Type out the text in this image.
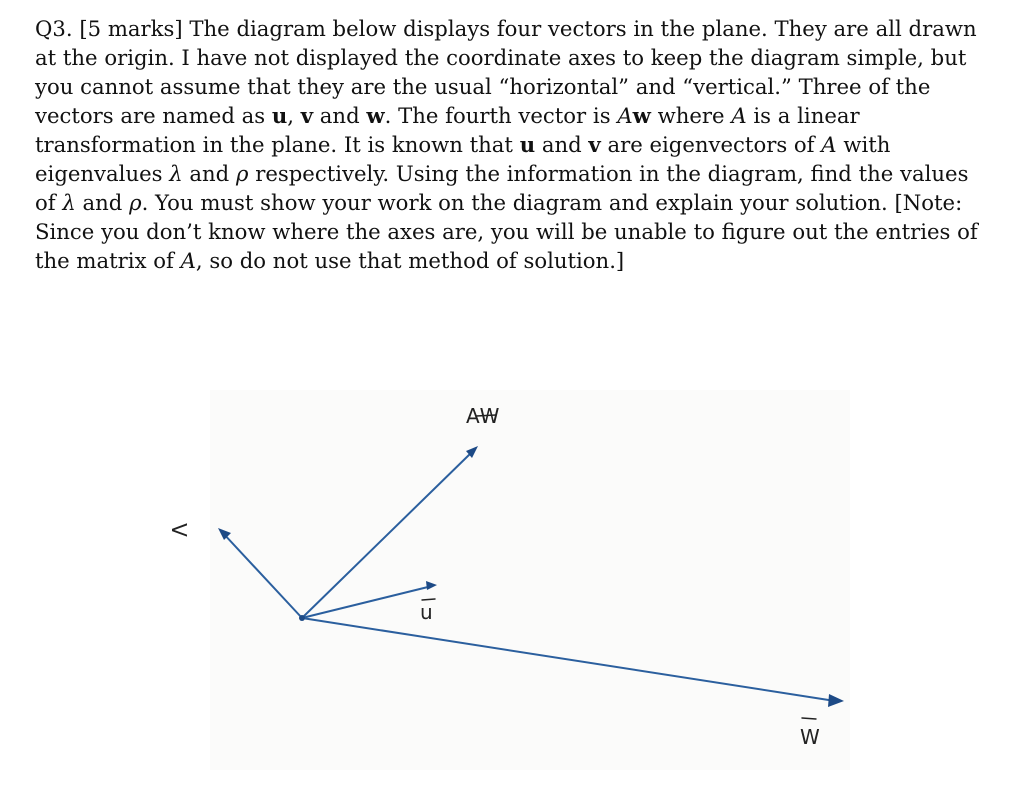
Q3. [5 marks] The diagram below displays four vectors in the plane. They are all drawn at the origin. I have not displayed the coordinate axes to keep the diagram simple, but you cannot assume that they are the usual “horizontal” and “vertical.” Three of the vectors are named as u, v and w. The fourth vector is Aw where A is a linear transformation in the plane. It is known that u and v are eigenvectors of A with eigenvalues λ and ρ respectively. Using the information in the diagram, find the values of λ and ρ. You must show your work on the diagram and explain your solution. [Note: Since you don’t know where the axes are, you will be unable to figure out the entries of the matrix of A, so do not use that method of solution.]

AW
V
u
W
